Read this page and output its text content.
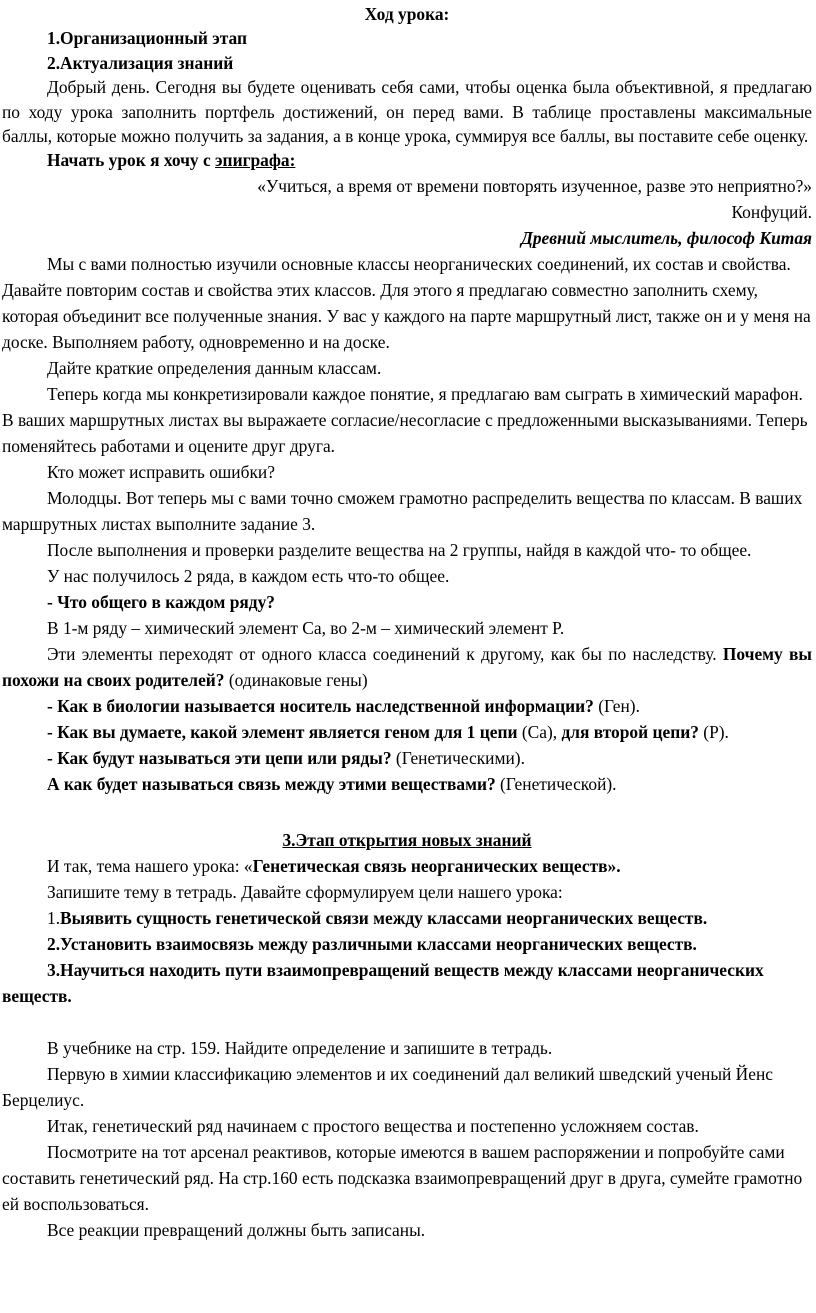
Ход урока:

1.Организационный этап

2.Актуализация знаний

Добрый день. Сегодня вы будете оценивать себя сами, чтобы оценка была объективной, я предлагаю по ходу урока заполнить портфель достижений, он перед вами. В таблице проставлены максимальные баллы, которые можно получить за задания, а в конце урока, суммируя все баллы, вы поставите себе оценку.

Начать урок я хочу с эпиграфа:

«Учиться, а время от времени повторять изученное, разве это неприятно?»

Конфуций.

Древний мыслитель, философ Китая

Мы с вами полностью изучили основные классы неорганических соединений, их состав и свойства. Давайте повторим состав и свойства этих классов. Для этого я предлагаю совместно заполнить схему, которая объединит все полученные знания. У вас у каждого на парте маршрутный лист, также он и у меня на доске. Выполняем работу, одновременно и на доске.

Дайте краткие определения данным классам.

Теперь когда мы конкретизировали каждое понятие, я предлагаю вам сыграть в химический марафон. В ваших маршрутных листах вы выражаете согласие/несогласие с предложенными высказываниями. Теперь поменяйтесь работами и оцените друг друга.

Кто может исправить ошибки?

Молодцы. Вот теперь мы с вами точно сможем грамотно распределить вещества по классам. В ваших маршрутных листах выполните задание 3.

После выполнения и проверки разделите вещества на 2 группы, найдя в каждой что- то общее.

У нас получилось 2 ряда, в каждом есть что-то общее.

- Что общего в каждом ряду?

В 1-м ряду – химический элемент Ca, во 2-м – химический элемент P.

Эти элементы переходят от одного класса соединений к другому, как бы по наследству. Почему вы похожи на своих родителей? (одинаковые гены)

- Как в биологии называется носитель наследственной информации? (Ген).

- Как вы думаете, какой элемент является геном для 1 цепи (Ca), для второй цепи? (P).

- Как будут называться эти цепи или ряды? (Генетическими).

А как будет называться связь между этими веществами? (Генетической).

3.Этап открытия новых знаний

И так, тема нашего урока: «Генетическая связь неорганических веществ».

Запишите тему в тетрадь. Давайте сформулируем цели нашего урока:

1.Выявить сущность генетической связи между классами неорганических веществ.

2.Установить взаимосвязь между различными классами неорганических веществ.

3.Научиться находить пути взаимопревращений веществ между классами неорганических веществ.

В учебнике на стр. 159. Найдите определение и запишите в тетрадь.

Первую в химии классификацию элементов и их соединений дал великий шведский ученый Йенс Берцелиус.

Итак, генетический ряд начинаем с простого вещества и постепенно усложняем состав.

Посмотрите на тот арсенал реактивов, которые имеются в вашем распоряжении и попробуйте сами составить генетический ряд. На стр.160 есть подсказка взаимопревращений друг в друга, сумейте грамотно ей воспользоваться.

Все реакции превращений должны быть записаны.
